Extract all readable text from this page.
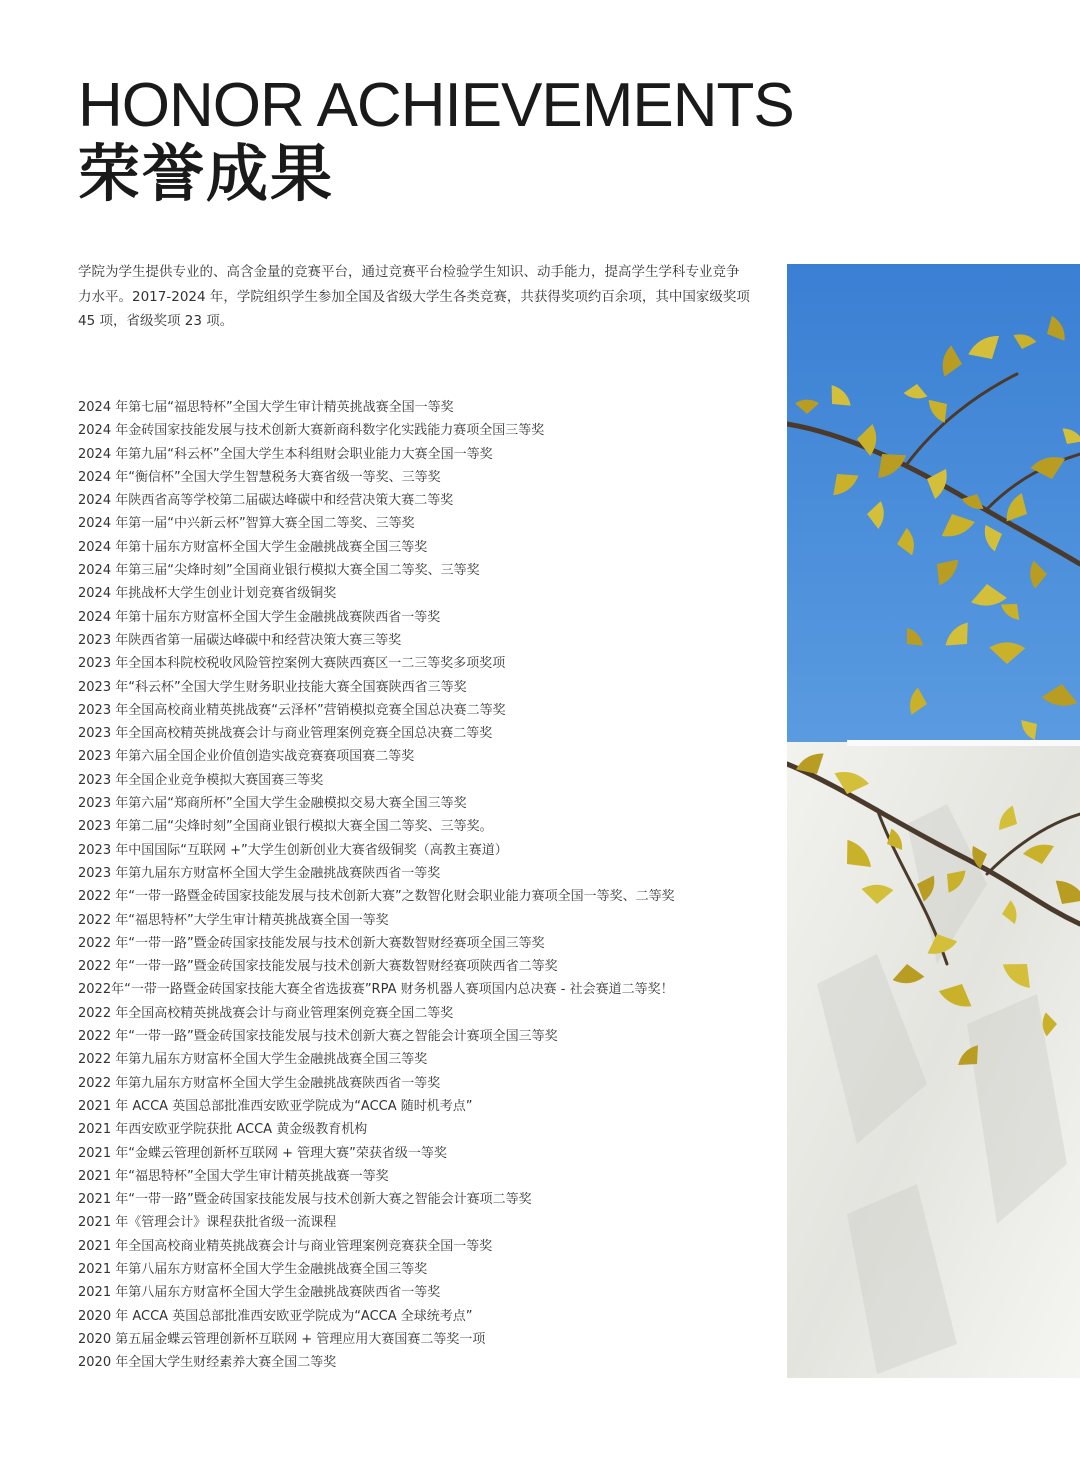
HONOR ACHIEVEMENTS
荣誉成果

学院为学生提供专业的、高含金量的竞赛平台，通过竞赛平台检验学生知识、动手能力，提高学生学科专业竞争力水平。2017-2024 年，学院组织学生参加全国及省级大学生各类竞赛，共获得奖项约百余项，其中国家级奖项 45 项，省级奖项 23 项。

2024 年第七届“福思特杯”全国大学生审计精英挑战赛全国一等奖
2024 年金砖国家技能发展与技术创新大赛新商科数字化实践能力赛项全国三等奖
2024 年第九届“科云杯”全国大学生本科组财会职业能力大赛全国一等奖
2024 年“衡信杯”全国大学生智慧税务大赛省级一等奖、三等奖
2024 年陕西省高等学校第二届碳达峰碳中和经营决策大赛二等奖
2024 年第一届“中兴新云杯”智算大赛全国二等奖、三等奖
2024 年第十届东方财富杯全国大学生金融挑战赛全国三等奖
2024 年第三届“尖烽时刻”全国商业银行模拟大赛全国二等奖、三等奖
2024 年挑战杯大学生创业计划竞赛省级铜奖
2024 年第十届东方财富杯全国大学生金融挑战赛陕西省一等奖
2023 年陕西省第一届碳达峰碳中和经营决策大赛三等奖
2023 年全国本科院校税收风险管控案例大赛陕西赛区一二三等奖多项奖项
2023 年“科云杯”全国大学生财务职业技能大赛全国赛陕西省三等奖
2023 年全国高校商业精英挑战赛“云泽杯”营销模拟竞赛全国总决赛二等奖
2023 年全国高校精英挑战赛会计与商业管理案例竞赛全国总决赛二等奖
2023 年第六届全国企业价值创造实战竞赛赛项国赛二等奖
2023 年全国企业竞争模拟大赛国赛三等奖
2023 年第六届“郑商所杯”全国大学生金融模拟交易大赛全国三等奖
2023 年第二届“尖烽时刻”全国商业银行模拟大赛全国二等奖、三等奖。
2023 年中国国际“互联网 +”大学生创新创业大赛省级铜奖（高教主赛道）
2023 年第九届东方财富杯全国大学生金融挑战赛陕西省一等奖
2022 年“一带一路暨金砖国家技能发展与技术创新大赛”之数智化财会职业能力赛项全国一等奖、二等奖
2022 年“福思特杯”大学生审计精英挑战赛全国一等奖
2022 年“一带一路”暨金砖国家技能发展与技术创新大赛数智财经赛项全国三等奖
2022 年“一带一路”暨金砖国家技能发展与技术创新大赛数智财经赛项陕西省二等奖
2022年“一带一路暨金砖国家技能大赛全省选拔赛”RPA 财务机器人赛项国内总决赛 - 社会赛道二等奖！
2022 年全国高校精英挑战赛会计与商业管理案例竞赛全国二等奖
2022 年“一带一路”暨金砖国家技能发展与技术创新大赛之智能会计赛项全国三等奖
2022 年第九届东方财富杯全国大学生金融挑战赛全国三等奖
2022 年第九届东方财富杯全国大学生金融挑战赛陕西省一等奖
2021 年 ACCA 英国总部批准西安欧亚学院成为“ACCA 随时机考点”
2021 年西安欧亚学院获批 ACCA 黄金级教育机构
2021 年“金蝶云管理创新杯互联网 + 管理大赛”荣获省级一等奖
2021 年“福思特杯”全国大学生审计精英挑战赛一等奖
2021 年“一带一路”暨金砖国家技能发展与技术创新大赛之智能会计赛项二等奖
2021 年《管理会计》课程获批省级一流课程
2021 年全国高校商业精英挑战赛会计与商业管理案例竞赛获全国一等奖
2021 年第八届东方财富杯全国大学生金融挑战赛全国三等奖
2021 年第八届东方财富杯全国大学生金融挑战赛陕西省一等奖
2020 年 ACCA 英国总部批准西安欧亚学院成为“ACCA 全球统考点”
2020 第五届金蝶云管理创新杯互联网 + 管理应用大赛国赛二等奖一项
2020 年全国大学生财经素养大赛全国二等奖
